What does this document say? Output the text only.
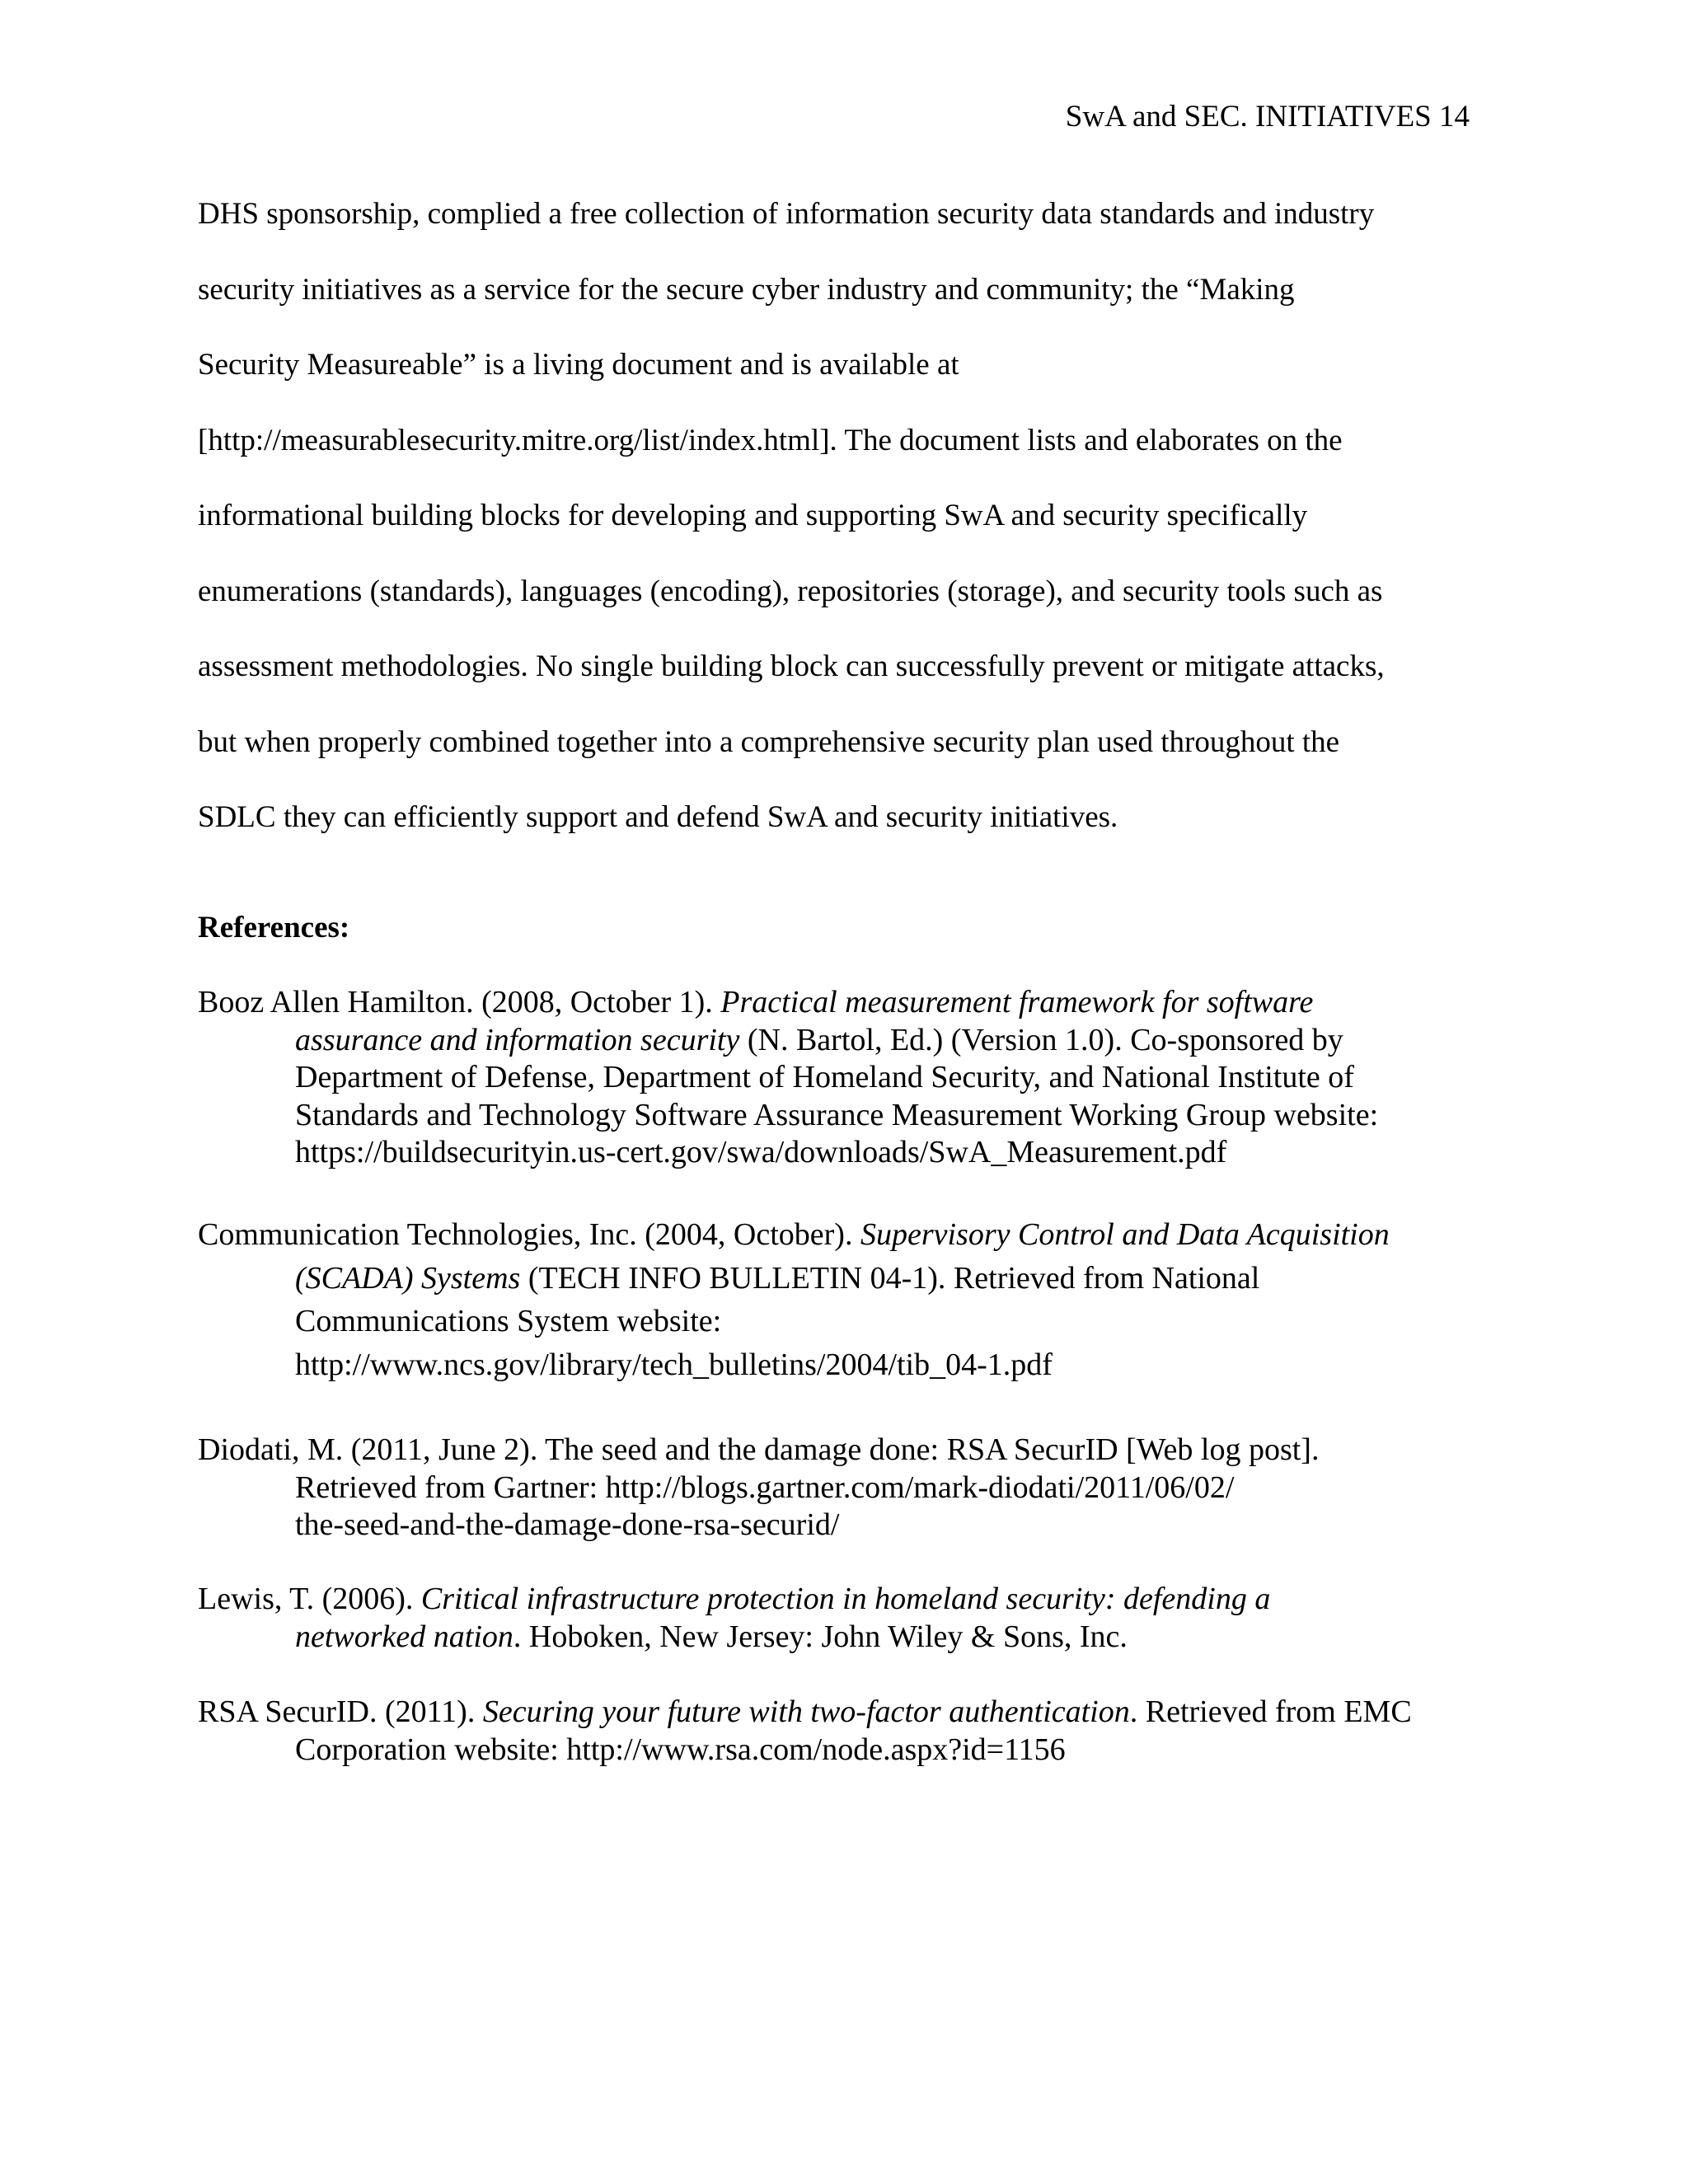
SwA and SEC. INITIATIVES 14
DHS sponsorship, complied a free collection of information security data standards and industry
security initiatives as a service for the secure cyber industry and community; the “Making
Security Measureable” is a living document and is available at
[http://measurablesecurity.mitre.org/list/index.html]. The document lists and elaborates on the
informational building blocks for developing and supporting SwA and security specifically
enumerations (standards), languages (encoding), repositories (storage), and security tools such as
assessment methodologies. No single building block can successfully prevent or mitigate attacks,
but when properly combined together into a comprehensive security plan used throughout the
SDLC they can efficiently support and defend SwA and security initiatives.
References:
Booz Allen Hamilton. (2008, October 1). Practical measurement framework for software
assurance and information security (N. Bartol, Ed.) (Version 1.0). Co-sponsored by
Department of Defense, Department of Homeland Security, and National Institute of
Standards and Technology Software Assurance Measurement Working Group website:
https://buildsecurityin.us-cert.gov/swa/downloads/SwA_Measurement.pdf
Communication Technologies, Inc. (2004, October). Supervisory Control and Data Acquisition
(SCADA) Systems (TECH INFO BULLETIN 04-1). Retrieved from National
Communications System website:
http://www.ncs.gov/library/tech_bulletins/2004/tib_04-1.pdf
Diodati, M. (2011, June 2). The seed and the damage done: RSA SecurID [Web log post].
Retrieved from Gartner: http://blogs.gartner.com/mark-diodati/2011/06/02/
the-seed-and-the-damage-done-rsa-securid/
Lewis, T. (2006). Critical infrastructure protection in homeland security: defending a
networked nation. Hoboken, New Jersey: John Wiley & Sons, Inc.
RSA SecurID. (2011). Securing your future with two-factor authentication. Retrieved from EMC
Corporation website: http://www.rsa.com/node.aspx?id=1156
